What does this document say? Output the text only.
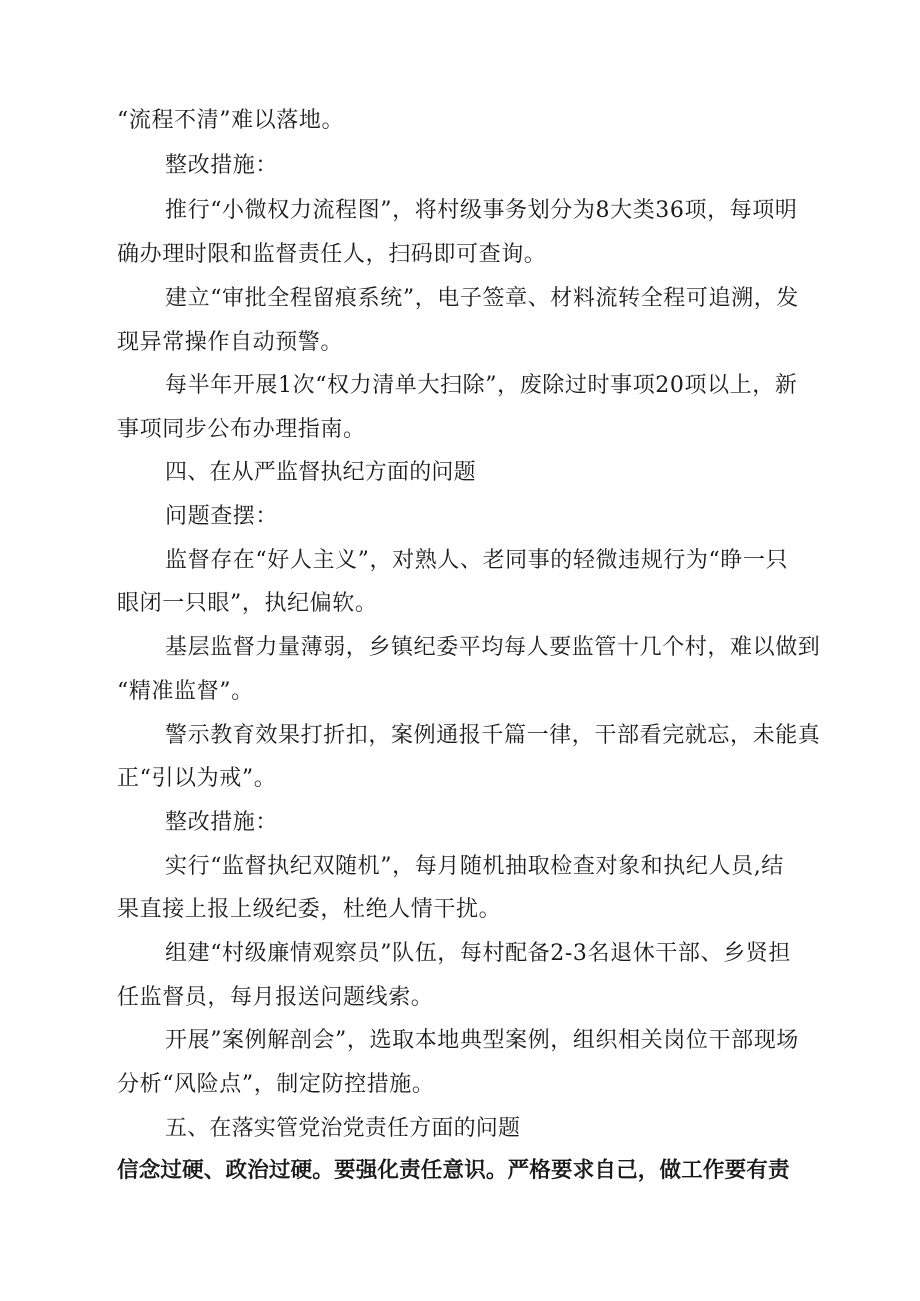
“流程不清”难以落地。
整改措施：
推行“小微权力流程图”，将村级事务划分为8大类36项，每项明
确办理时限和监督责任人，扫码即可查询。
建立“审批全程留痕系统”，电子签章、材料流转全程可追溯，发
现异常操作自动预警。
每半年开展1次“权力清单大扫除”，废除过时事项20项以上，新
事项同步公布办理指南。
四、在从严监督执纪方面的问题
问题查摆：
监督存在“好人主义”，对熟人、老同事的轻微违规行为“睁一只
眼闭一只眼”，执纪偏软。
基层监督力量薄弱，乡镇纪委平均每人要监管十几个村，难以做到
“精准监督”。
警示教育效果打折扣，案例通报千篇一律，干部看完就忘，未能真
正“引以为戒”。
整改措施：
实行“监督执纪双随机”，每月随机抽取检查对象和执纪人员,结
果直接上报上级纪委，杜绝人情干扰。
组建“村级廉情观察员”队伍，每村配备2-3名退休干部、乡贤担
任监督员，每月报送问题线索。
开展”案例解剖会”，选取本地典型案例，组织相关岗位干部现场
分析“风险点”，制定防控措施。
五、在落实管党治党责任方面的问题
信念过硬、政治过硬。要强化责任意识。严格要求自己，做工作要有责
